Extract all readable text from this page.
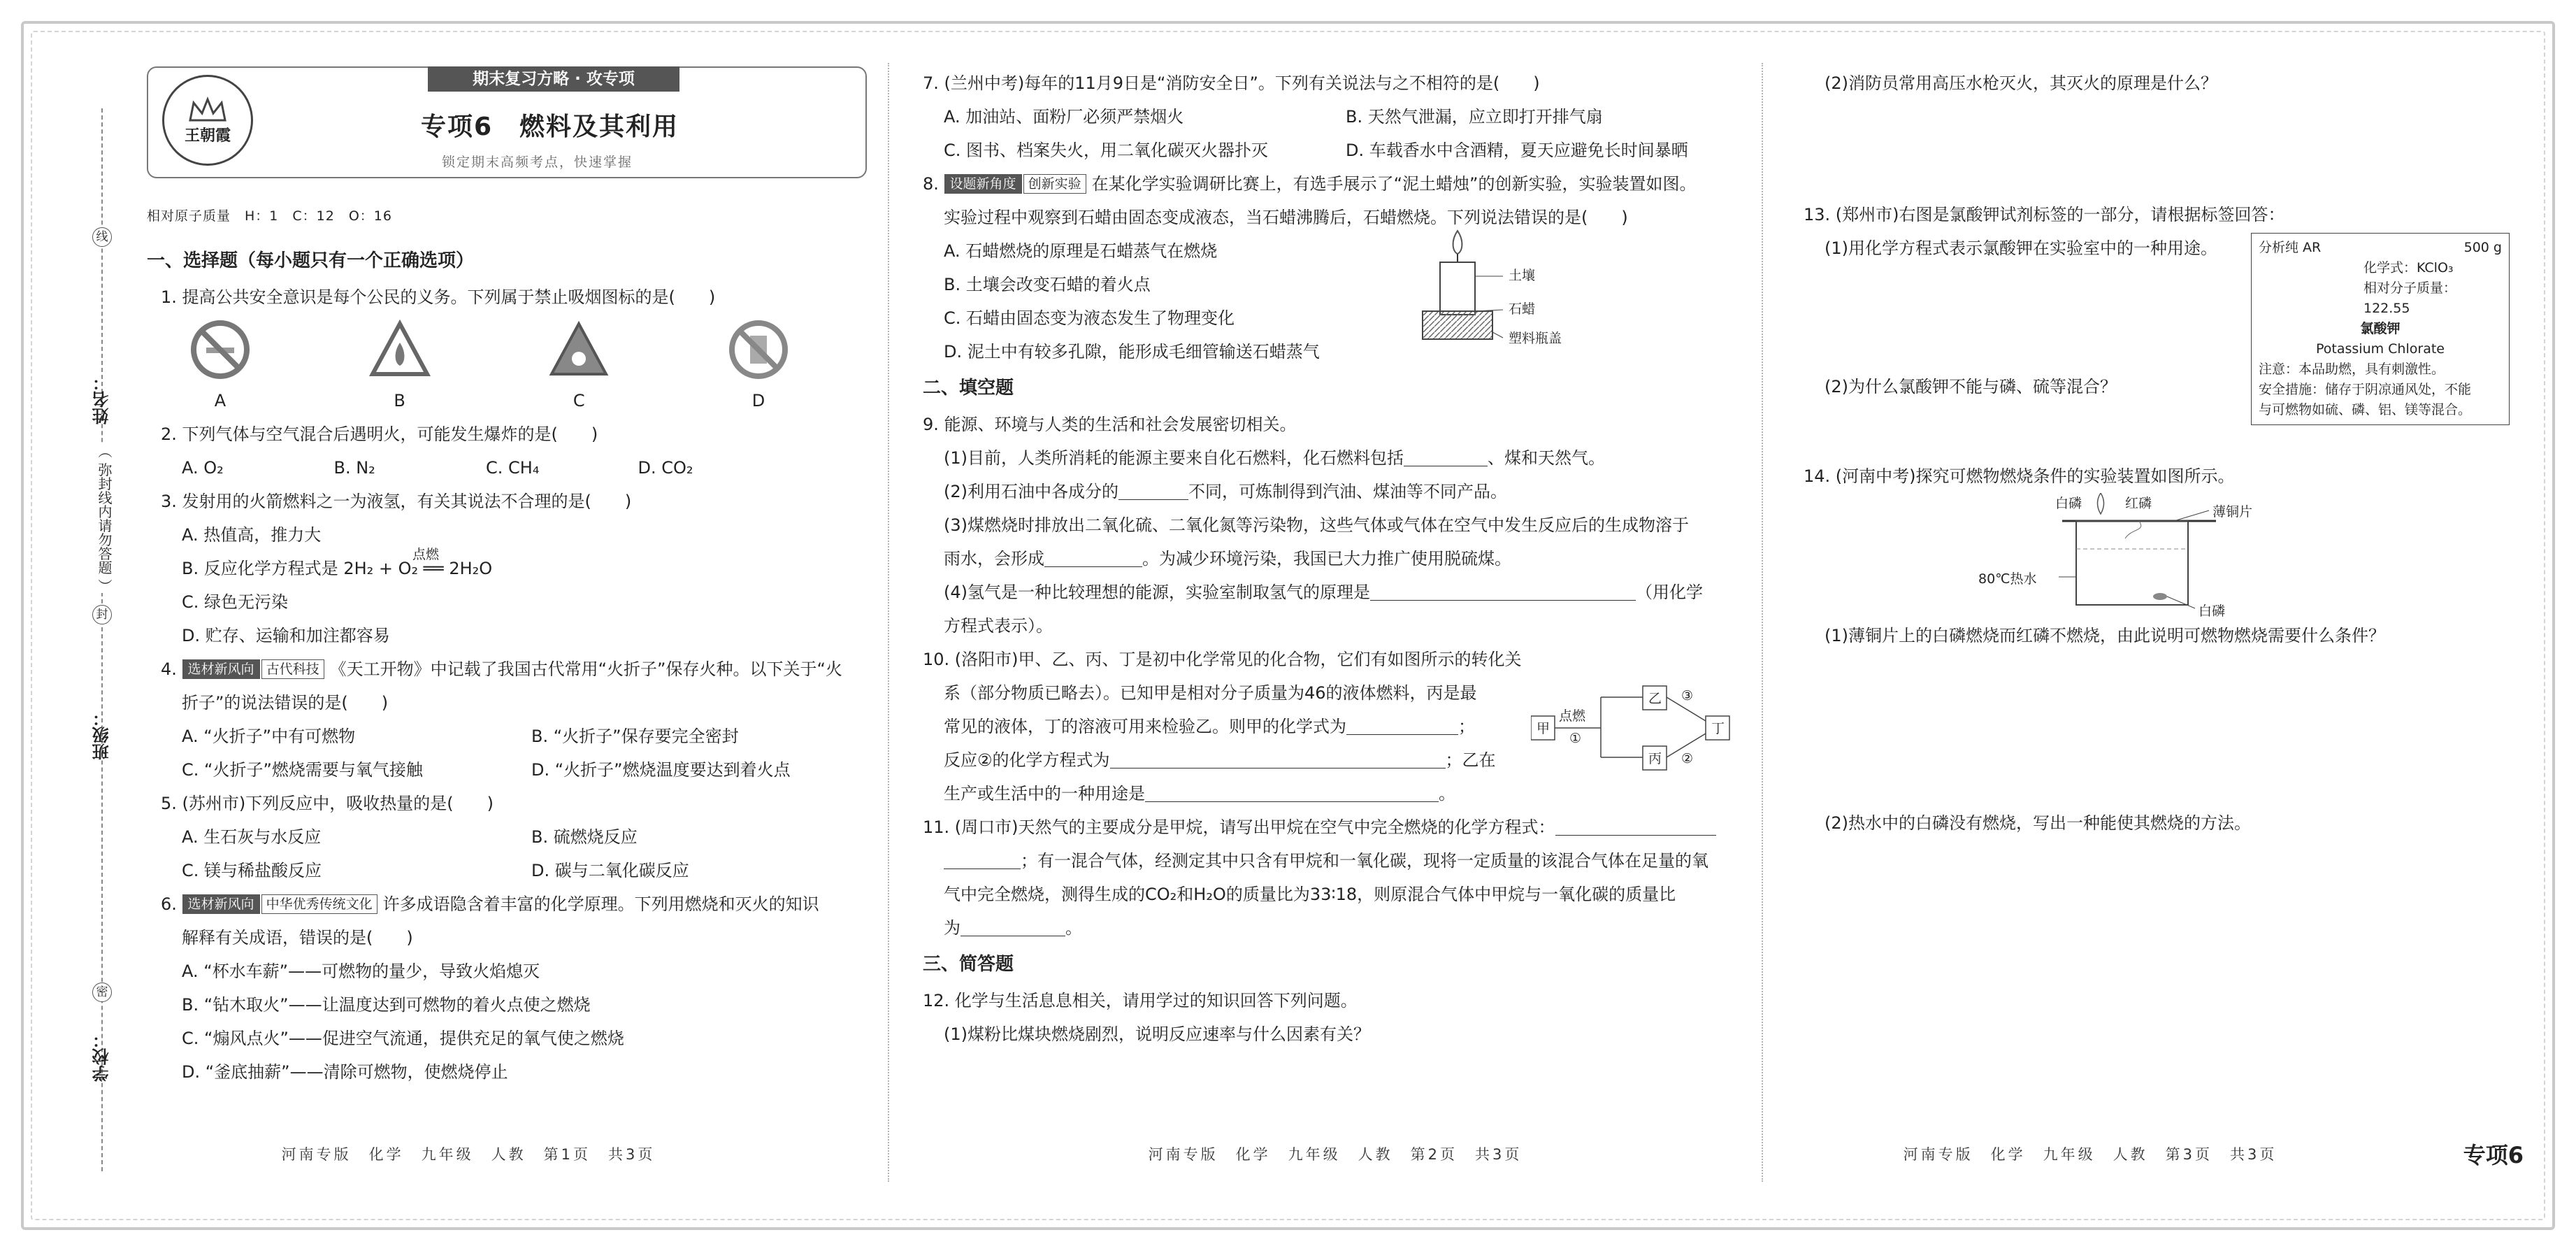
线
姓名：
（ 弥封线内请勿答题 ）
封
班级：
密
学校：
王朝霞
期末复习方略 · 攻专项
专项6　燃料及其利用
锁定期末高频考点，快速掌握
相对原子质量　H：1　C：12　O：16
一、选择题（每小题只有一个正确选项）
1. 提高公共安全意识是每个公民的义务。下列属于禁止吸烟图标的是(　　)
A	B	C	D
2. 下列气体与空气混合后遇明火，可能发生爆炸的是(　　)
A. O₂	B. N₂	C. CH₄	D. CO₂
3. 发射用的火箭燃料之一为液氢，有关其说法不合理的是(　　)
A. 热值高，推力大
B. 反应化学方程式是 2H₂ + O₂ ══ 2H₂O
点燃
C. 绿色无污染
D. 贮存、运输和加注都容易
4. 选材新风向 古代科技 《天工开物》中记载了我国古代常用“火折子”保存火种。以下关于“火
折子”的说法错误的是(　　)
A. “火折子”中有可燃物	B. “火折子”保存要完全密封
C. “火折子”燃烧需要与氧气接触	D. “火折子”燃烧温度要达到着火点
5. (苏州市)下列反应中，吸收热量的是(　　)
A. 生石灰与水反应	B. 硫燃烧反应
C. 镁与稀盐酸反应	D. 碳与二氧化碳反应
6. 选材新风向 中华优秀传统文化 许多成语隐含着丰富的化学原理。下列用燃烧和灭火的知识
解释有关成语，错误的是(　　)
A. “杯水车薪”——可燃物的量少，导致火焰熄灭
B. “钻木取火”——让温度达到可燃物的着火点使之燃烧
C. “煽风点火”——促进空气流通，提供充足的氧气使之燃烧
D. “釜底抽薪”——清除可燃物，使燃烧停止
河南专版　化学　九年级　人教　第1页　共3页
7. (兰州中考)每年的11月9日是“消防安全日”。下列有关说法与之不相符的是(　　)
A. 加油站、面粉厂必须严禁烟火	B. 天然气泄漏，应立即打开排气扇
C. 图书、档案失火，用二氧化碳灭火器扑灭	D. 车载香水中含酒精，夏天应避免长时间暴晒
8. 设题新角度 创新实验 在某化学实验调研比赛上，有选手展示了“泥土蜡烛”的创新实验，实验装置如图。
实验过程中观察到石蜡由固态变成液态，当石蜡沸腾后，石蜡燃烧。下列说法错误的是(　　)
A. 石蜡燃烧的原理是石蜡蒸气在燃烧
B. 土壤会改变石蜡的着火点
C. 石蜡由固态变为液态发生了物理变化
D. 泥土中有较多孔隙，能形成毛细管输送石蜡蒸气
土壤
石蜡
塑料瓶盖
二、填空题
9. 能源、环境与人类的生活和社会发展密切相关。
(1)目前，人类所消耗的能源主要来自化石燃料，化石燃料包括	、煤和天然气。
(2)利用石油中各成分的	不同，可炼制得到汽油、煤油等不同产品。
(3)煤燃烧时排放出二氧化硫、二氧化氮等污染物，这些气体或气体在空气中发生反应后的生成物溶于
雨水，会形成	。为减少环境污染，我国已大力推广使用脱硫煤。
(4)氢气是一种比较理想的能源，实验室制取氢气的原理是	（用化学
方程式表示）。
10. (洛阳市)甲、乙、丙、丁是初中化学常见的化合物，它们有如图所示的转化关
系（部分物质已略去）。已知甲是相对分子质量为46的液体燃料，丙是最
常见的液体，丁的溶液可用来检验乙。则甲的化学式为	；
反应②的化学方程式为	；乙在
生产或生活中的一种用途是	。
甲
点燃
①
乙
丙
丁
③
②
11. (周口市)天然气的主要成分是甲烷，请写出甲烷在空气中完全燃烧的化学方程式：
；有一混合气体，经测定其中只含有甲烷和一氧化碳，现将一定质量的该混合气体在足量的氧
气中完全燃烧，测得生成的CO₂和H₂O的质量比为33∶18，则原混合气体中甲烷与一氧化碳的质量比
为	。
三、简答题
12. 化学与生活息息相关，请用学过的知识回答下列问题。
(1)煤粉比煤块燃烧剧烈，说明反应速率与什么因素有关？
河南专版　化学　九年级　人教　第2页　共3页
(2)消防员常用高压水枪灭火，其灭火的原理是什么？
13. (郑州市)右图是氯酸钾试剂标签的一部分，请根据标签回答：
(1)用化学方程式表示氯酸钾在实验室中的一种用途。
(2)为什么氯酸钾不能与磷、硫等混合？
分析纯 AR	500 g
化学式：KClO₃
相对分子质量：122.55
氯酸钾
Potassium Chlorate
注意：本品助燃，具有刺激性。
安全措施：储存于阴凉通风处，不能
与可燃物如硫、磷、铝、镁等混合。
14. (河南中考)探究可燃物燃烧条件的实验装置如图所示。
白磷	红磷
薄铜片
80℃热水
白磷
(1)薄铜片上的白磷燃烧而红磷不燃烧，由此说明可燃物燃烧需要什么条件？
(2)热水中的白磷没有燃烧，写出一种能使其燃烧的方法。
河南专版　化学　九年级　人教　第3页　共3页	专项6
